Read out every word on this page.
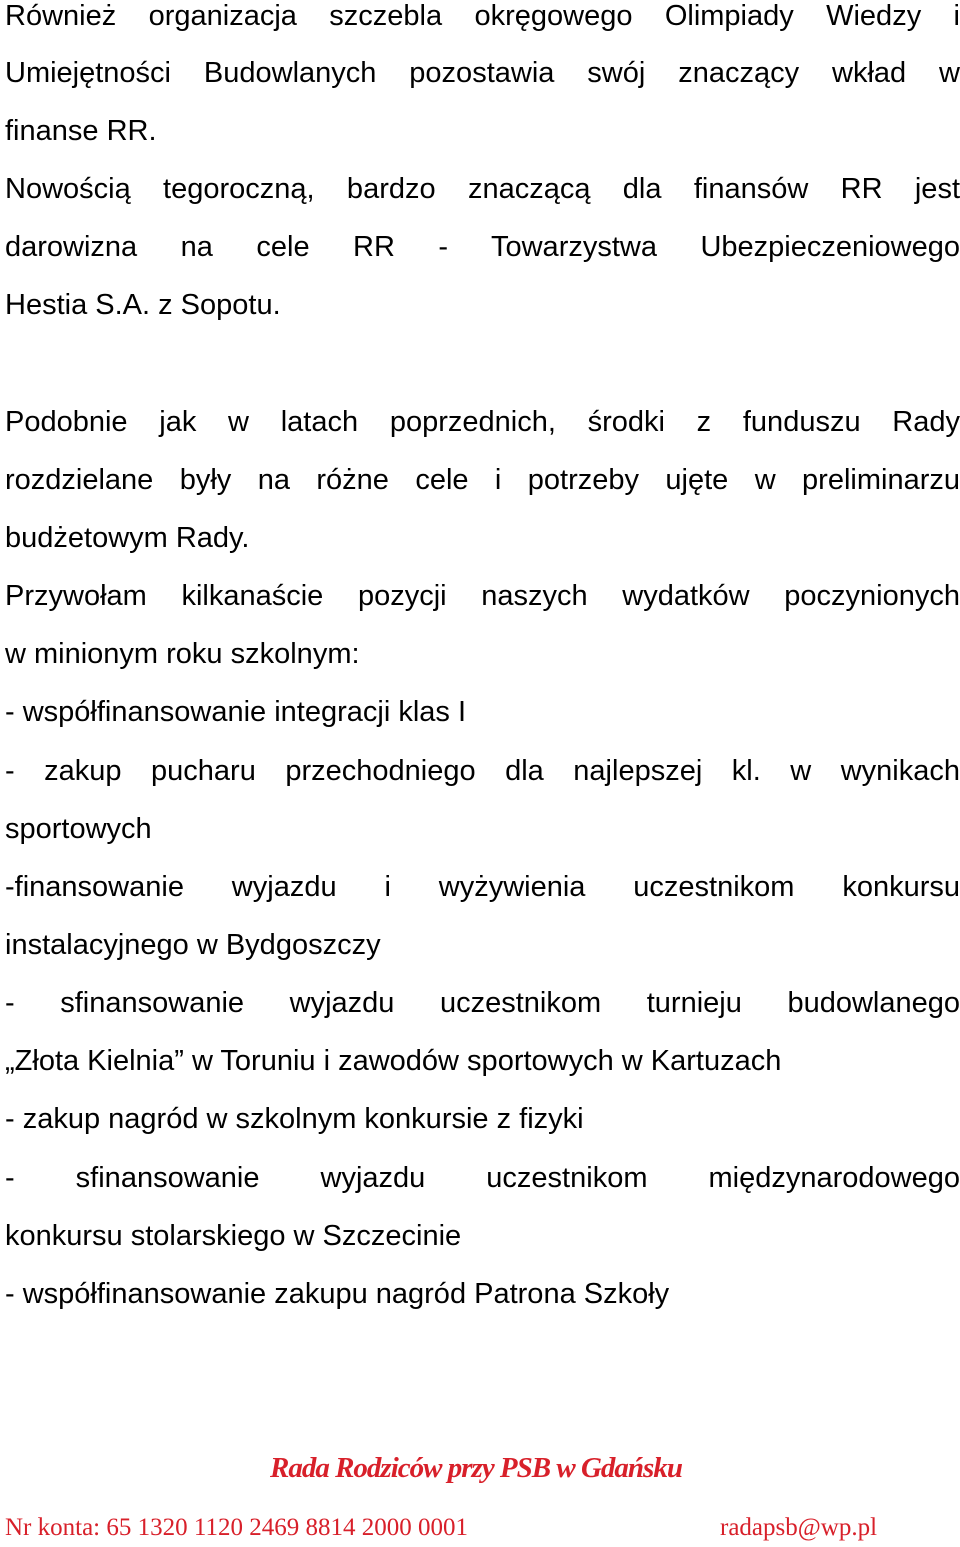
Również organizacja szczebla okręgowego Olimpiady Wiedzy i
Umiejętności Budowlanych pozostawia swój znaczący wkład w
finanse RR.
Nowością tegoroczną, bardzo znaczącą dla finansów RR jest
darowizna na cele RR - Towarzystwa Ubezpieczeniowego
Hestia S.A. z Sopotu.
Podobnie jak w latach poprzednich, środki z funduszu Rady
rozdzielane były na różne cele i potrzeby ujęte w preliminarzu
budżetowym Rady.
Przywołam kilkanaście pozycji naszych wydatków poczynionych
w minionym roku szkolnym:
- współfinansowanie integracji klas I
- zakup pucharu przechodniego dla najlepszej kl. w wynikach
sportowych
-finansowanie wyjazdu i wyżywienia uczestnikom konkursu
instalacyjnego w Bydgoszczy
- sfinansowanie wyjazdu uczestnikom turnieju budowlanego
„Złota Kielnia” w Toruniu i zawodów sportowych w Kartuzach
- zakup nagród w szkolnym konkursie z fizyki
- sfinansowanie wyjazdu uczestnikom międzynarodowego
konkursu stolarskiego w Szczecinie
- współfinansowanie zakupu nagród Patrona Szkoły
Rada Rodziców przy PSB w Gdańsku
Nr konta: 65 1320 1120 2469 8814 2000 0001	radapsb@wp.pl
